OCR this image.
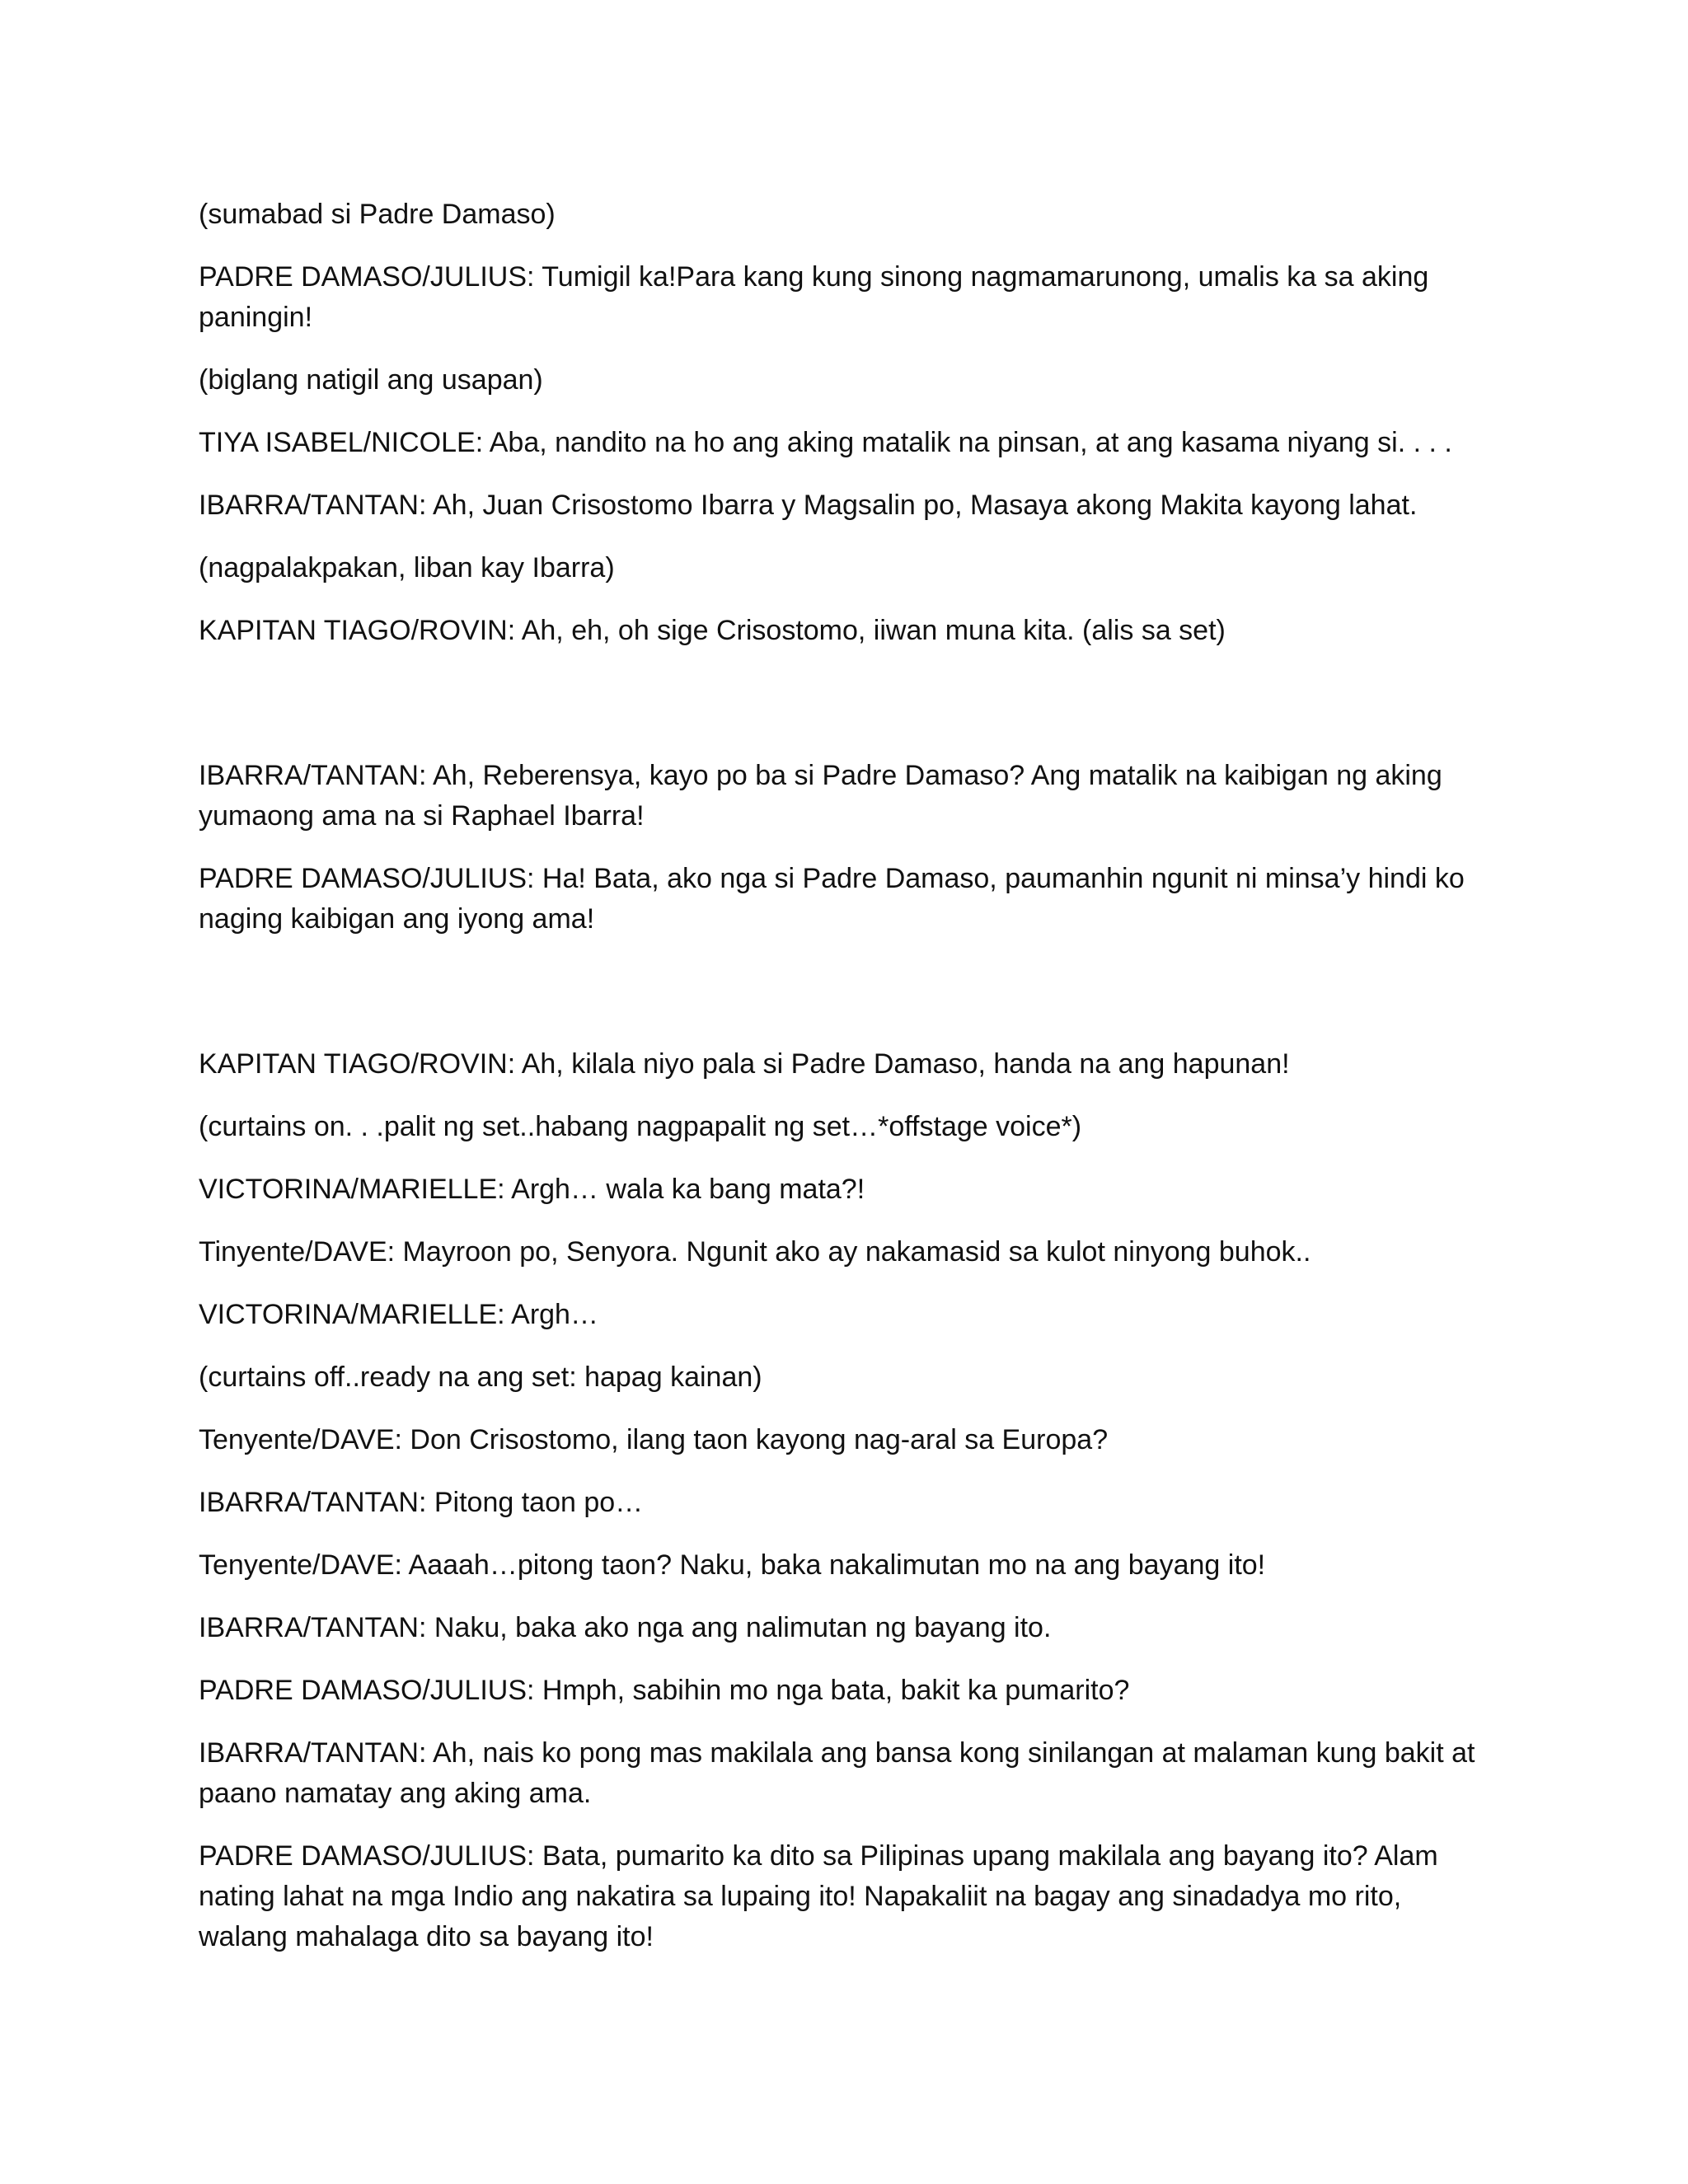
(sumabad si Padre Damaso)

PADRE DAMASO/JULIUS: Tumigil ka!Para kang kung sinong nagmamarunong, umalis ka sa aking paningin!

(biglang natigil ang usapan)

TIYA ISABEL/NICOLE: Aba, nandito na ho ang aking matalik na pinsan, at ang kasama niyang si. . . .

IBARRA/TANTAN: Ah, Juan Crisostomo Ibarra y Magsalin po, Masaya akong Makita kayong lahat.

(nagpalakpakan, liban kay Ibarra)

KAPITAN TIAGO/ROVIN: Ah, eh, oh sige Crisostomo, iiwan muna kita. (alis sa set)

IBARRA/TANTAN: Ah, Reberensya, kayo po ba si Padre Damaso? Ang matalik na kaibigan ng aking yumaong ama na si Raphael Ibarra!

PADRE DAMASO/JULIUS: Ha! Bata, ako nga si Padre Damaso, paumanhin ngunit ni minsa’y hindi ko naging kaibigan ang iyong ama!

KAPITAN TIAGO/ROVIN: Ah, kilala niyo pala si Padre Damaso, handa na ang hapunan!

(curtains on. . .palit ng set..habang nagpapalit ng set…*offstage voice*)

VICTORINA/MARIELLE: Argh… wala ka bang mata?!

Tinyente/DAVE: Mayroon po, Senyora. Ngunit ako ay nakamasid sa kulot ninyong buhok..

VICTORINA/MARIELLE: Argh…

(curtains off..ready na ang set: hapag kainan)

Tenyente/DAVE: Don Crisostomo, ilang taon kayong nag-aral sa Europa?

IBARRA/TANTAN: Pitong taon po…

Tenyente/DAVE: Aaaah…pitong taon? Naku, baka nakalimutan mo na ang bayang ito!

IBARRA/TANTAN: Naku, baka ako nga ang nalimutan ng bayang ito.

PADRE DAMASO/JULIUS: Hmph, sabihin mo nga bata, bakit ka pumarito?

IBARRA/TANTAN: Ah, nais ko pong mas makilala ang bansa kong sinilangan at malaman kung bakit at paano namatay ang aking ama.

PADRE DAMASO/JULIUS: Bata, pumarito ka dito sa Pilipinas upang makilala ang bayang ito? Alam nating lahat na mga Indio ang nakatira sa lupaing ito! Napakaliit na bagay ang sinadadya mo rito, walang mahalaga dito sa bayang ito!
